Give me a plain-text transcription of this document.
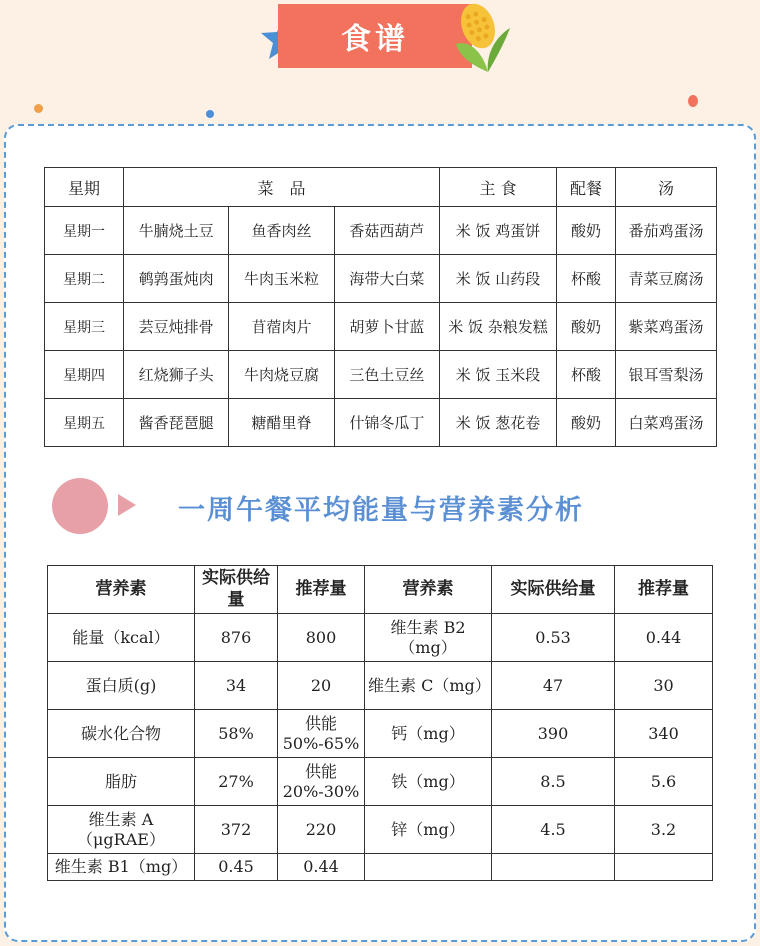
食谱
星期	菜　品			主 食	配餐	汤
星期一	牛腩烧土豆	鱼香肉丝	香菇西葫芦	米 饭 鸡蛋饼	酸奶	番茄鸡蛋汤
星期二	鹌鹑蛋炖肉	牛肉玉米粒	海带大白菜	米 饭 山药段	杯酸	青菜豆腐汤
星期三	芸豆炖排骨	苜蓿肉片	胡萝卜甘蓝	米 饭 杂粮发糕	酸奶	紫菜鸡蛋汤
星期四	红烧狮子头	牛肉烧豆腐	三色土豆丝	米 饭 玉米段	杯酸	银耳雪梨汤
星期五	酱香琵琶腿	糖醋里脊	什锦冬瓜丁	米 饭 葱花卷	酸奶	白菜鸡蛋汤
一周午餐平均能量与营养素分析
营养素	实际供给量	推荐量	营养素	实际供给量	推荐量
能量（kcal）	876	800	维生素 B2（mg）	0.53	0.44
蛋白质(g)	34	20	维生素 C（mg）	47	30
碳水化合物	58%	供能 50%-65%	钙（mg）	390	340
脂肪	27%	供能 20%-30%	铁（mg）	8.5	5.6
维生素 A（μgRAE）	372	220	锌（mg）	4.5	3.2
维生素 B1（mg）	0.45	0.44			
